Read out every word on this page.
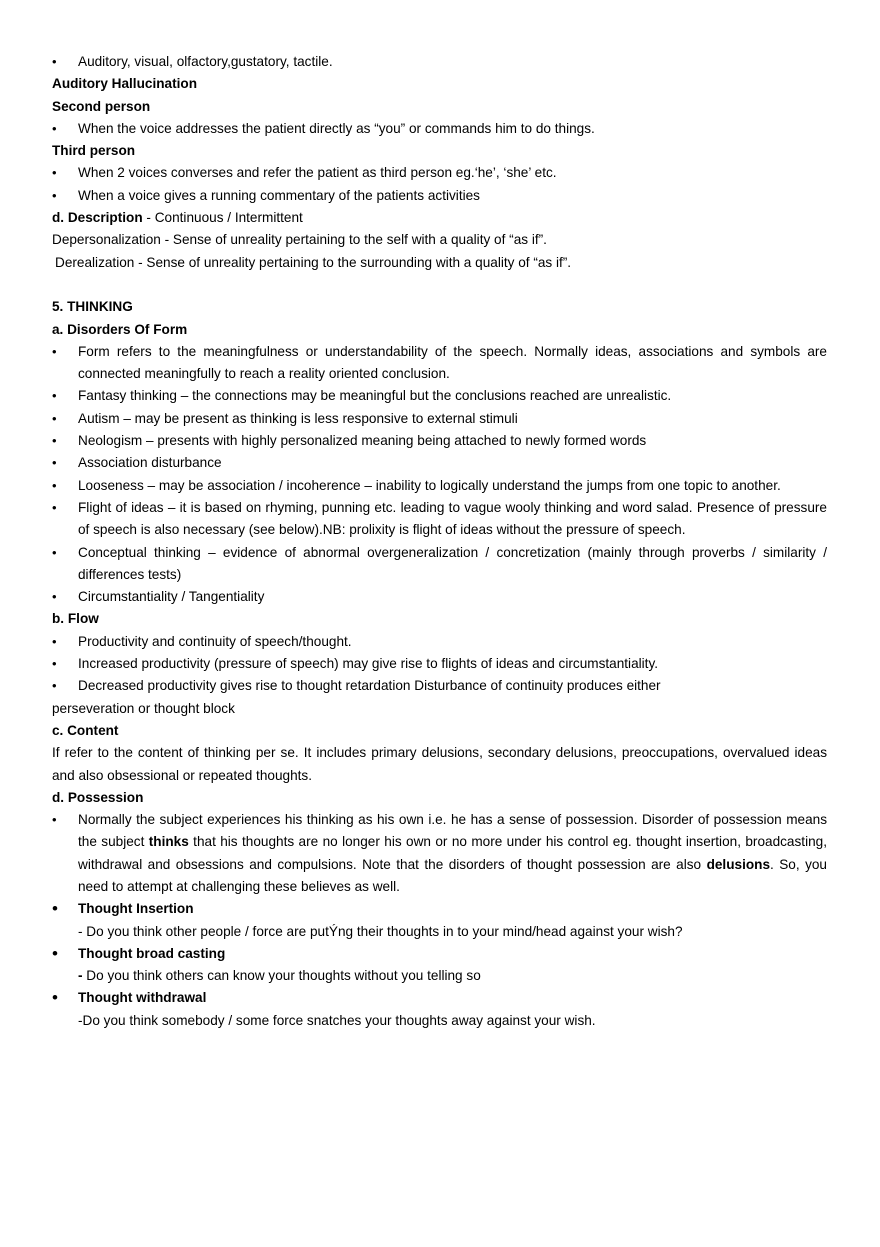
•	Auditory, visual, olfactory,gustatory, tactile.
Auditory Hallucination
Second person
•	When the voice addresses the patient directly as “you” or commands him to do things.
Third person
•	When 2 voices converses and refer the patient as third person eg.‘he’, ‘she’ etc.
•	When a voice gives a running commentary of the patients activities
d. Description - Continuous / Intermittent
Depersonalization - Sense of unreality pertaining to the self with a quality of “as if”.
Derealization - Sense of unreality pertaining to the surrounding with a quality of “as if”.
5. THINKING
a. Disorders Of Form
•	Form refers to the meaningfulness or understandability of the speech. Normally ideas, associations and symbols are connected meaningfully to reach a reality oriented conclusion.
•	Fantasy thinking – the connections may be meaningful but the conclusions reached are unrealistic.
•	Autism – may be present as thinking is less responsive to external stimuli
•	Neologism – presents with highly personalized meaning being attached to newly formed words
•	Association disturbance
•	Looseness – may be association / incoherence – inability to logically understand the jumps from one topic to another.
•	Flight of ideas – it is based on rhyming, punning etc. leading to vague wooly thinking and word salad. Presence of pressure of speech is also necessary (see below).NB: prolixity is flight of ideas without the pressure of speech.
•	Conceptual thinking – evidence of abnormal overgeneralization / concretization (mainly through proverbs / similarity / differences tests)
•	Circumstantiality / Tangentiality
b. Flow
•	Productivity and continuity of speech/thought.
•	Increased productivity (pressure of speech) may give rise to flights of ideas and circumstantiality.
•	Decreased productivity gives rise to thought retardation Disturbance of continuity produces either
perseveration or thought block
c. Content
If refer to the content of thinking per se. It includes primary delusions, secondary delusions, preoccupations, overvalued ideas and also obsessional or repeated thoughts.
d. Possession
•	Normally the subject experiences his thinking as his own i.e. he has a sense of possession. Disorder of possession means the subject thinks that his thoughts are no longer his own or no more under his control eg. thought insertion, broadcasting, withdrawal and obsessions and compulsions. Note that the disorders of thought possession are also delusions. So, you need to attempt at challenging these believes as well.
•	Thought Insertion
- Do you think other people / force are putÝng their thoughts in to your mind/head against your wish?
•	Thought broad casting
- Do you think others can know your thoughts without you telling so
•	Thought withdrawal
-Do you think somebody / some force snatches your thoughts away against your wish.
